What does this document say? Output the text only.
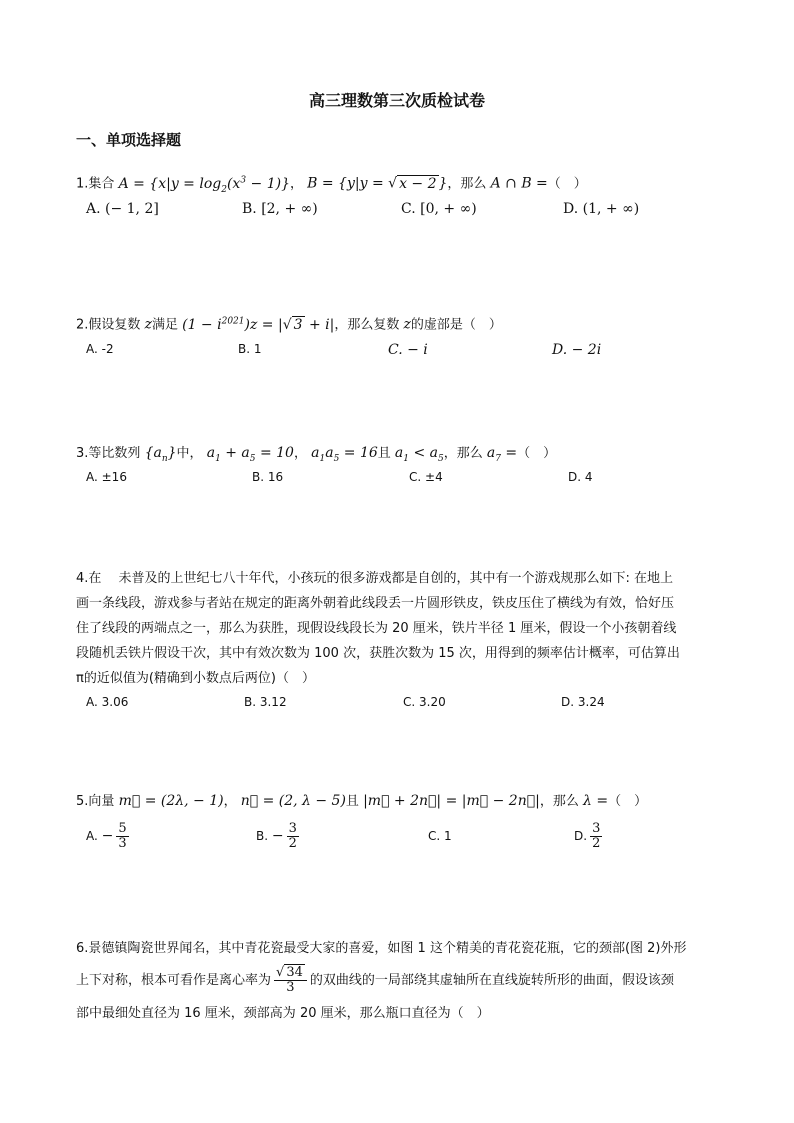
高三理数第三次质检试卷
一、单项选择题
1.集合 $A = \{x|y = \log_2(x^3 - 1)\}$， B = {y|y = √ x − 2 }，那么 A ∩ B =（　）
A. (− 1, 2]	B. [2, + ∞)	C. [0, + ∞)	D. (1, + ∞)
2.假设复数 z满足 $(1 - i^{2021})z$ = |√ 3 + i|，那么复数 z的虚部是（　）
A. -2	B. 1	C. − i	D. − 2i
3.等比数列 $\{a_n\}$中， $a_1 + a_5 = 10$， $a_1a_5 = 16$且 $a_1 < a_5$，那么 $a_7$ =（　）
A. ±16	B. 16	C. ±4	D. 4
4.在　 未普及的上世纪七八十年代，小孩玩的很多游戏都是自创的，其中有一个游戏规那么如下: 在地上
画一条线段，游戏参与者站在规定的距离外朝着此线段丢一片圆形铁皮，铁皮压住了横线为有效，恰好压
住了线段的两端点之一，那么为获胜，现假设线段长为 20 厘米，铁片半径 1 厘米，假设一个小孩朝着线
段随机丢铁片假设干次，其中有效次数为 100 次，获胜次数为 15 次，用得到的频率估计概率，可估算出
π的近似值为(精确到小数点后两位)（　）
A. 3.06	B. 3.12	C. 3.20	D. 3.24
5.向量 m⃗ = (2λ, − 1)， n⃗ = (2, λ − 5)且 |m⃗ + 2n⃗| = |m⃗ − 2n⃗|，那么 λ =（　）
A. − $\frac{5}{3}$	B. − $\frac{3}{2}$	C. 1	D. $\frac{3}{2}$
6.景德镇陶瓷世界闻名，其中青花瓷最受大家的喜爱，如图 1 这个精美的青花瓷花瓶，它的颈部(图 2)外形
上下对称，根本可看作是离心率为 $\frac{√ 34}{3}$ 的双曲线的一局部绕其虚轴所在直线旋转所形的曲面，假设该颈
部中最细处直径为 16 厘米，颈部高为 20 厘米，那么瓶口直径为（　）
